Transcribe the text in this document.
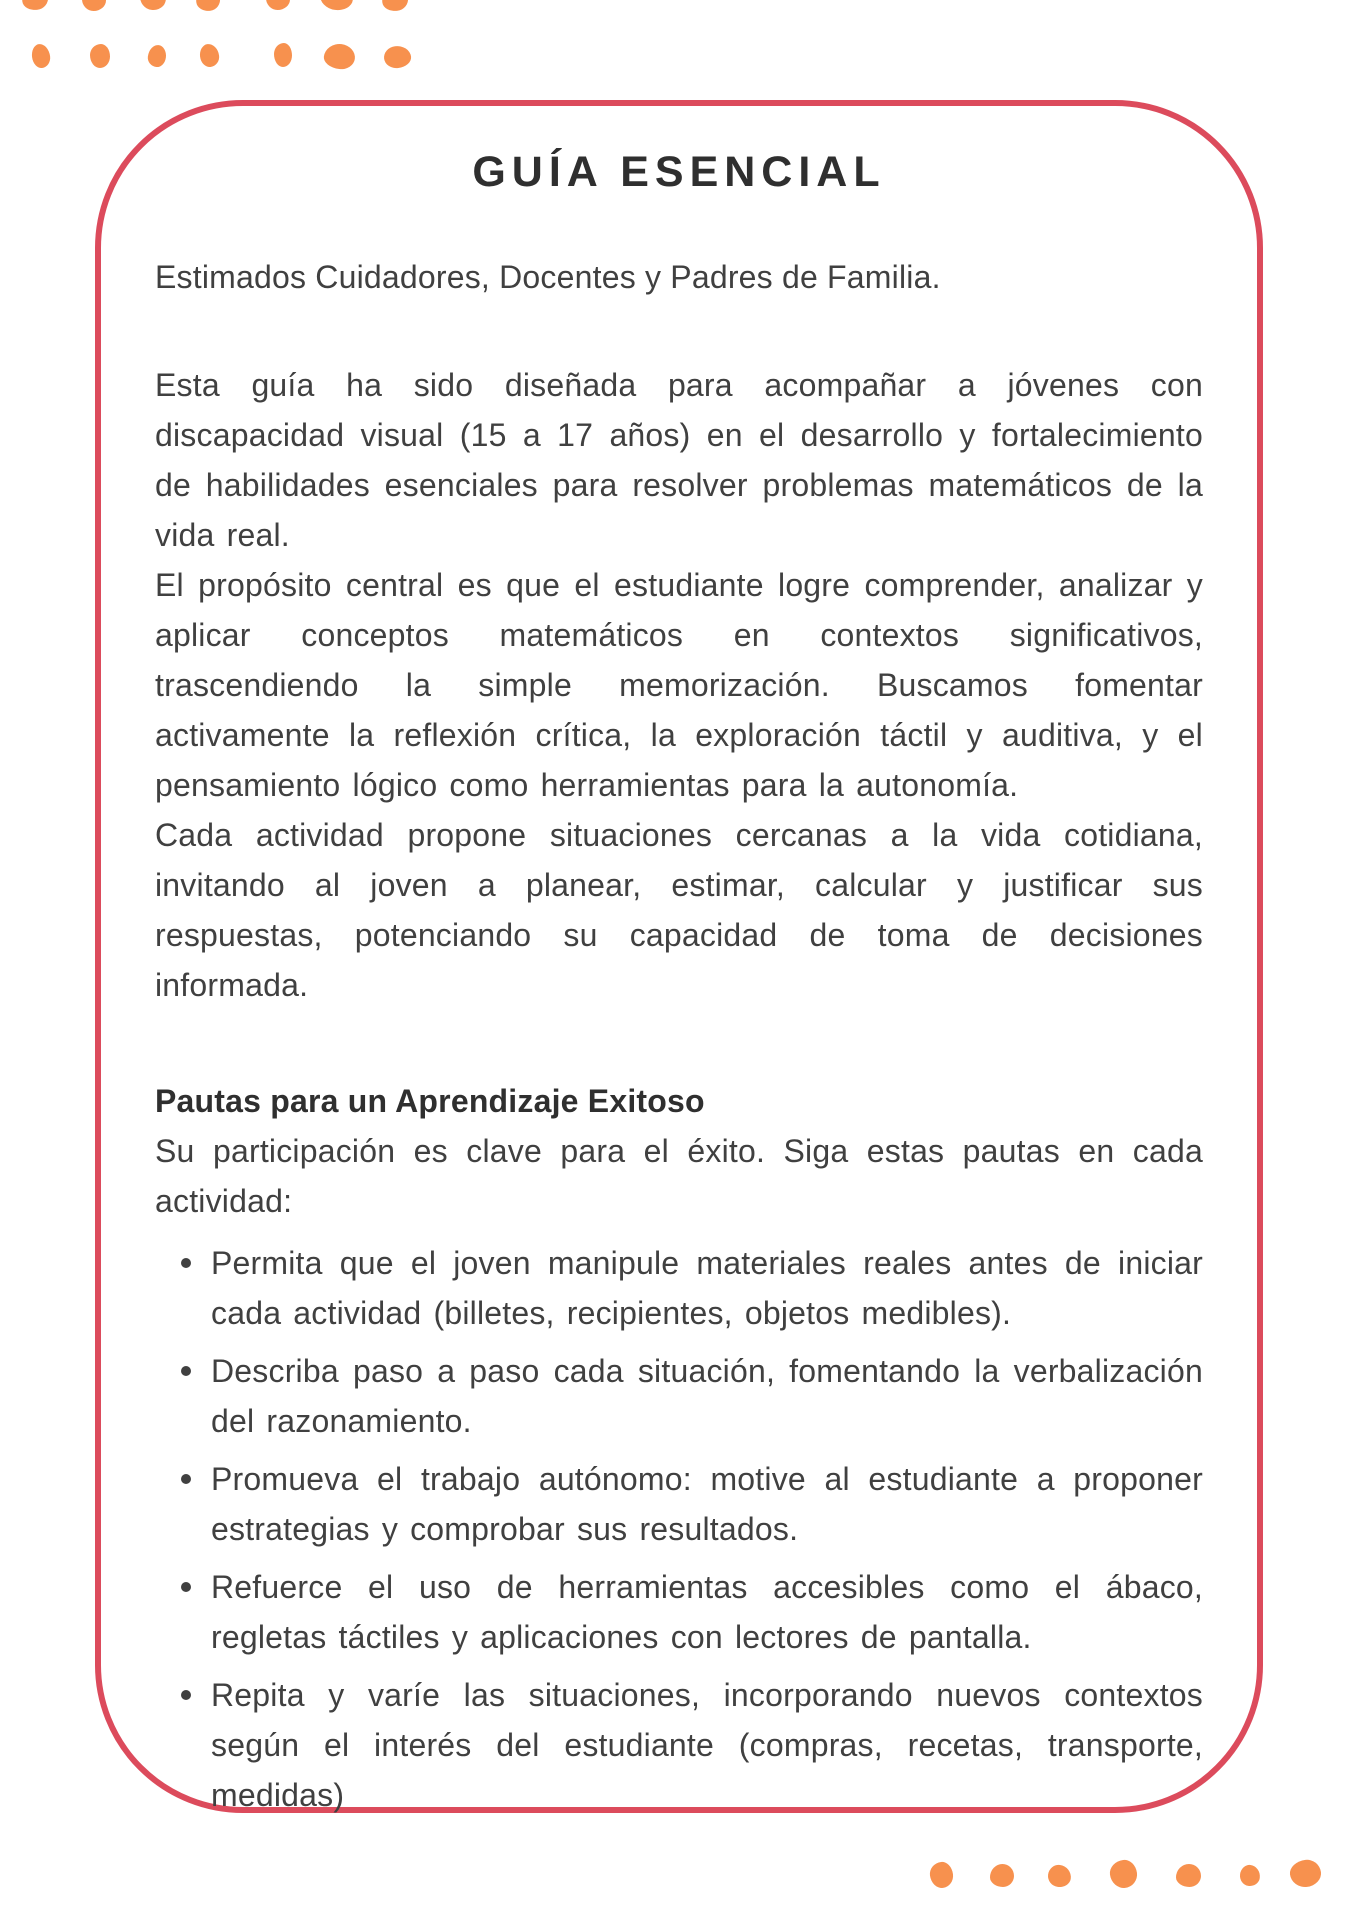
GUÍA ESENCIAL

Estimados Cuidadores, Docentes y Padres de Familia.

Esta guía ha sido diseñada para acompañar a jóvenes con discapacidad visual (15 a 17 años) en el desarrollo y fortalecimiento de habilidades esenciales para resolver problemas matemáticos de la vida real.

El propósito central es que el estudiante logre comprender, analizar y aplicar conceptos matemáticos en contextos significativos, trascendiendo la simple memorización. Buscamos fomentar activamente la reflexión crítica, la exploración táctil y auditiva, y el pensamiento lógico como herramientas para la autonomía.

Cada actividad propone situaciones cercanas a la vida cotidiana, invitando al joven a planear, estimar, calcular y justificar sus respuestas, potenciando su capacidad de toma de decisiones informada.

Pautas para un Aprendizaje Exitoso

Su participación es clave para el éxito. Siga estas pautas en cada actividad:

Permita que el joven manipule materiales reales antes de iniciar cada actividad (billetes, recipientes, objetos medibles).
Describa paso a paso cada situación, fomentando la verbalización del razonamiento.
Promueva el trabajo autónomo: motive al estudiante a proponer estrategias y comprobar sus resultados.
Refuerce el uso de herramientas accesibles como el ábaco, regletas táctiles y aplicaciones con lectores de pantalla.
Repita y varíe las situaciones, incorporando nuevos contextos según el interés del estudiante (compras, recetas, transporte, medidas)
